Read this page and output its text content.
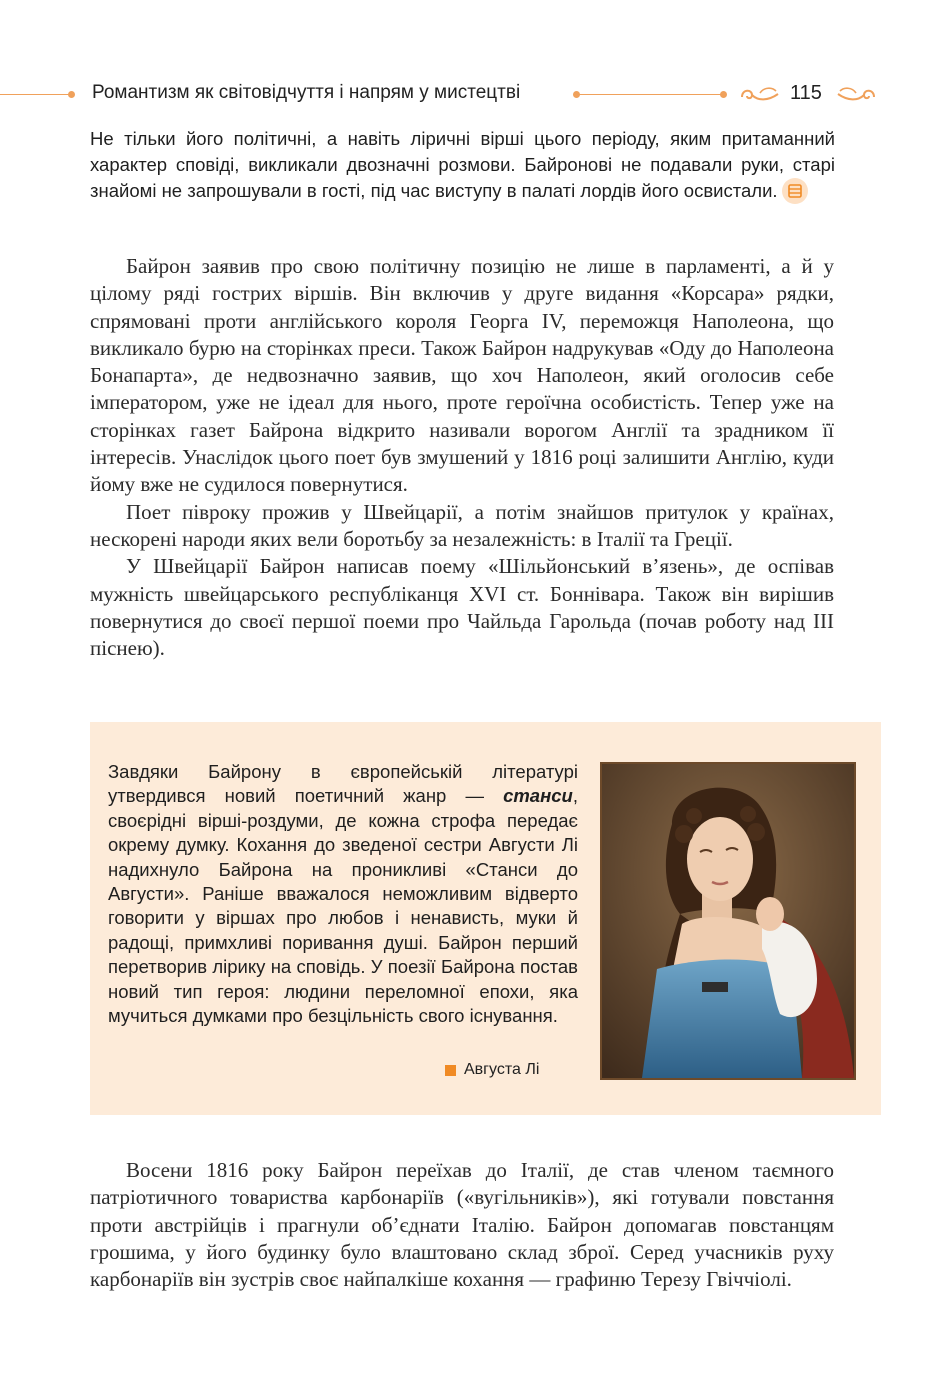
Романтизм як світовідчуття і напрям у мистецтві	115

Не тільки його політичні, а навіть ліричні вірші цього періоду, яким притаманний характер сповіді, викликали двозначні розмови. Байронові не подавали руки, старі знайомі не запрошували в гості, під час виступу в палаті лордів його освистали.

Байрон заявив про свою політичну позицію не лише в парламенті, а й у цілому ряді гострих віршів. Він включив у друге видання «Корсара» рядки, спрямовані проти англійського короля Георга IV, переможця Наполеона, що викликало бурю на сторінках преси. Також Байрон надрукував «Оду до Наполеона Бонапарта», де недвозначно заявив, що хоч Наполеон, який оголосив себе імператором, уже не ідеал для нього, проте героїчна особистість. Тепер уже на сторінках газет Байрона відкрито називали ворогом Англії та зрадником її інтересів. Унаслідок цього поет був змушений у 1816 році залишити Англію, куди йому вже не судилося повернутися.

Поет півроку прожив у Швейцарії, а потім знайшов притулок у країнах, нескорені народи яких вели боротьбу за незалежність: в Італії та Греції.

У Швейцарії Байрон написав поему «Шільйонський в’язень», де оспівав мужність швейцарського республіканця XVI ст. Боннівара. Також він вирішив повернутися до своєї першої поеми про Чайльда Гарольда (почав роботу над III піснею).

Завдяки Байрону в європейській літературі утвердився новий поетичний жанр — станси, своєрідні вірші-роздуми, де кожна строфа передає окрему думку. Кохання до зведеної сестри Августи Лі надихнуло Байрона на проникливі «Станси до Августи». Раніше вважалося неможливим відверто говорити у віршах про любов і ненависть, муки й радощі, примхливі поривання душі. Байрон перший перетворив лірику на сповідь. У поезії Байрона постав новий тип героя: людини переломної епохи, яка мучиться думками про безцільність свого існування.

Августа Лі

Восени 1816 року Байрон переїхав до Італії, де став членом таємного патріотичного товариства карбонаріїв («вугільників»), які готували повстання проти австрійців і прагнули об’єднати Італію. Байрон допомагав повстанцям грошима, у його будинку було влаштовано склад зброї. Серед учасників руху карбонаріїв він зустрів своє найпалкіше кохання — графиню Терезу Гвіччіолі.
